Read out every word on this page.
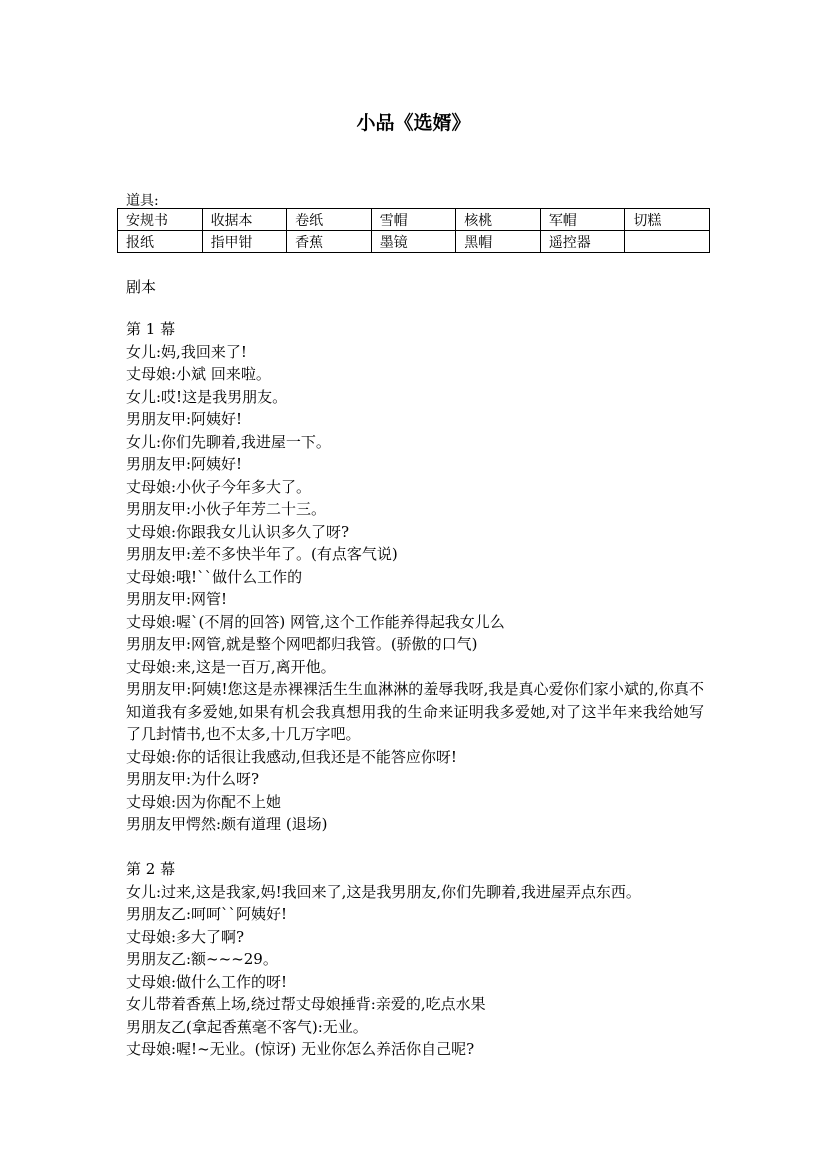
小品《选婿》
道具:
安规书	收据本	卷纸	雪帽	核桃	军帽	切糕
报纸	指甲钳	香蕉	墨镜	黑帽	遥控器	
剧本

第 1 幕

女儿:妈,我回来了!

丈母娘:小斌 回来啦。

女儿:哎!这是我男朋友。

男朋友甲:阿姨好!

女儿:你们先聊着,我进屋一下。

男朋友甲:阿姨好!

丈母娘:小伙子今年多大了。

男朋友甲:小伙子年芳二十三。

丈母娘:你跟我女儿认识多久了呀?

男朋友甲:差不多快半年了。(有点客气说)

丈母娘:哦!``做什么工作的

男朋友甲:网管!

丈母娘:喔`(不屑的回答) 网管,这个工作能养得起我女儿么

男朋友甲:网管,就是整个网吧都归我管。(骄傲的口气)

丈母娘:来,这是一百万,离开他。

男朋友甲:阿姨!您这是赤裸裸活生生血淋淋的羞辱我呀,我是真心爱你们家小斌的,你真不知道我有多爱她,如果有机会我真想用我的生命来证明我多爱她,对了这半年来我给她写了几封情书,也不太多,十几万字吧。

丈母娘:你的话很让我感动,但我还是不能答应你呀!

男朋友甲:为什么呀?

丈母娘:因为你配不上她

男朋友甲愕然:颇有道理 (退场)

第 2 幕

女儿:过来,这是我家,妈!我回来了,这是我男朋友,你们先聊着,我进屋弄点东西。

男朋友乙:呵呵``阿姨好!

丈母娘:多大了啊?

男朋友乙:额~~~29。

丈母娘:做什么工作的呀!

女儿带着香蕉上场,绕过帮丈母娘捶背:亲爱的,吃点水果

男朋友乙(拿起香蕉毫不客气):无业。

丈母娘:喔!~无业。(惊讶) 无业你怎么养活你自己呢?
